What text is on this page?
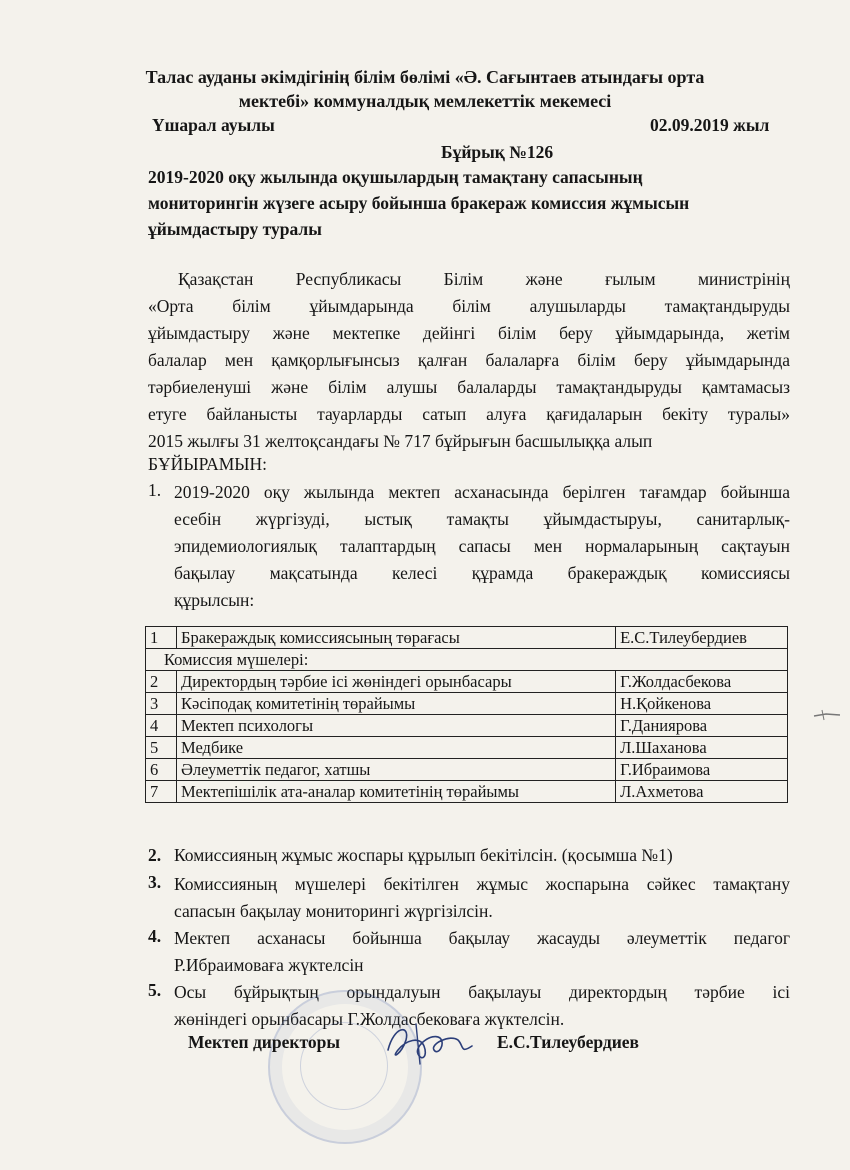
Талас ауданы әкімдігінің білім бөлімі «Ә. Сағынтаев атындағы орта
мектебі» коммуналдық мемлекеттік мекемесі
Үшарал ауылы	02.09.2019 жыл
Бұйрық №126
2019-2020 оқу жылында оқушылардың тамақтану сапасының
мониторингін жүзеге асыру бойынша бракераж комиссия жұмысын
ұйымдастыру туралы
Қазақстан Республикасы Білім және ғылым министрінің
«Орта білім ұйымдарында білім алушыларды тамақтандыруды
ұйымдастыру және мектепке дейінгі білім беру ұйымдарында, жетім
балалар мен қамқорлығынсыз қалған балаларға білім беру ұйымдарында
тәрбиеленуші және білім алушы балаларды тамақтандыруды қамтамасыз
етуге байланысты тауарларды сатып алуға қағидаларын бекіту туралы»
2015 жылғы 31 желтоқсандағы № 717 бұйрығын басшылыққа алып
БҰЙЫРАМЫН:
1. 2019-2020 оқу жылында мектеп асханасында берілген тағамдар бойынша
есебін жүргізуді, ыстық тамақты ұйымдастыруы, санитарлық-
эпидемиологиялық талаптардың сапасы мен нормаларының сақтауын
бақылау мақсатында келесі құрамда бракераждық комиссиясы
құрылсын:
1	Бракераждық комиссиясының төрағасы	Е.С.Тилеубердиев
Комиссия мүшелері:		
2	Директордың тәрбие ісі жөніндегі орынбасары	Г.Жолдасбекова
3	Кәсіподақ комитетінің төрайымы	Н.Қойкенова
4	Мектеп психологы	Г.Даниярова
5	Медбике	Л.Шаханова
6	Әлеуметтік педагог, хатшы	Г.Ибраимова
7	Мектепішілік ата-аналар комитетінің төрайымы	Л.Ахметова
2. Комиссияның жұмыс жоспары құрылып бекітілсін. (қосымша №1)
3. Комиссияның мүшелері бекітілген жұмыс жоспарына сәйкес тамақтану
сапасын бақылау мониторингі жүргізілсін.
4. Мектеп асханасы бойынша бақылау жасауды әлеуметтік педагог
Р.Ибраимоваға жүктелсін
5. Осы бұйрықтың орындалуын бақылауы директордың тәрбие ісі
жөніндегі орынбасары Г.Жолдасбековаға жүктелсін.
Мектеп директоры	Е.С.Тилеубердиев
